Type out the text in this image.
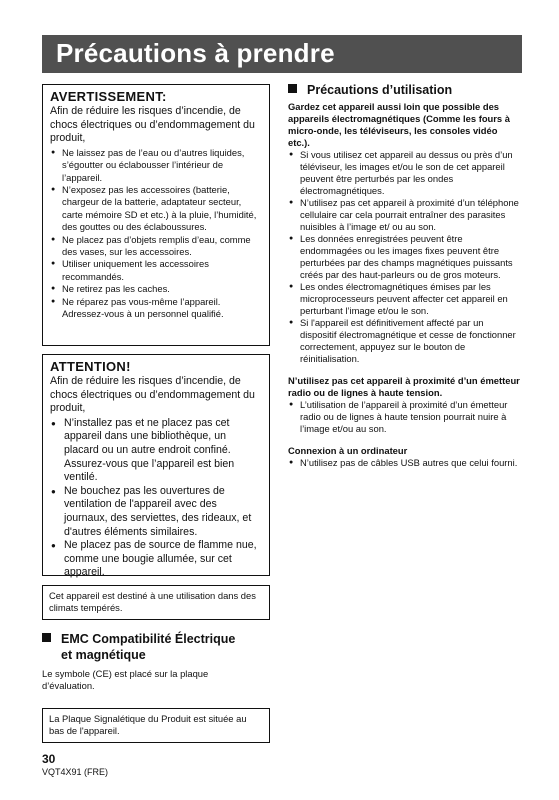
Précautions à prendre
AVERTISSEMENT:
Afin de réduire les risques d’incendie, de chocs électriques ou d’endommagement du produit,
● Ne laissez pas de l’eau ou d’autres liquides, s’égoutter ou éclabousser l’intérieur de l’appareil.
● N’exposez pas les accessoires (batterie, chargeur de la batterie, adaptateur secteur, carte mémoire SD et etc.) à la pluie, l’humidité, des gouttes ou des éclaboussures.
● Ne placez pas d’objets remplis d’eau, comme des vases, sur les accessoires.
● Utiliser uniquement les accessoires recommandés.
● Ne retirez pas les caches.
● Ne réparez pas vous-même l’appareil. Adressez-vous à un personnel qualifié.
ATTENTION!
Afin de réduire les risques d’incendie, de chocs électriques ou d’endommagement du produit,
● N’installez pas et ne placez pas cet appareil dans une bibliothèque, un placard ou un autre endroit confiné. Assurez-vous que l’appareil est bien ventilé.
● Ne bouchez pas les ouvertures de ventilation de l'appareil avec des journaux, des serviettes, des rideaux, et d'autres éléments similaires.
● Ne placez pas de source de flamme nue, comme une bougie allumée, sur cet appareil.
Cet appareil est destiné à une utilisation dans des climats tempérés.
EMC Compatibilité Électrique
et magnétique
Le symbole (CE) est placé sur la plaque d’évaluation.
La Plaque Signalétique du Produit est située au bas de l'appareil.
30
VQT4X91 (FRE)
Précautions d’utilisation
Gardez cet appareil aussi loin que possible des appareils électromagnétiques (Comme les fours à micro-onde, les téléviseurs, les consoles vidéo etc.).
● Si vous utilisez cet appareil au dessus ou près d’un téléviseur, les images et/ou le son de cet appareil peuvent être perturbés par les ondes électromagnétiques.
● N’utilisez pas cet appareil à proximité d’un téléphone cellulaire car cela pourrait entraîner des parasites nuisibles à l’image et/ ou au son.
● Les données enregistrées peuvent être endommagées ou les images fixes peuvent être perturbées par des champs magnétiques puissants créés par des haut-parleurs ou de gros moteurs.
● Les ondes électromagnétiques émises par les microprocesseurs peuvent affecter cet appareil en perturbant l’image et/ou le son.
● Si l'appareil est définitivement affecté par un dispositif électromagnétique et cesse de fonctionner correctement, appuyez sur le bouton de réinitialisation.
N’utilisez pas cet appareil à proximité d’un émetteur radio ou de lignes à haute tension.
● L’utilisation de l’appareil à proximité d’un émetteur radio ou de lignes à haute tension pourrait nuire à l’image et/ou au son.
Connexion à un ordinateur
● N’utilisez pas de câbles USB autres que celui fourni.
